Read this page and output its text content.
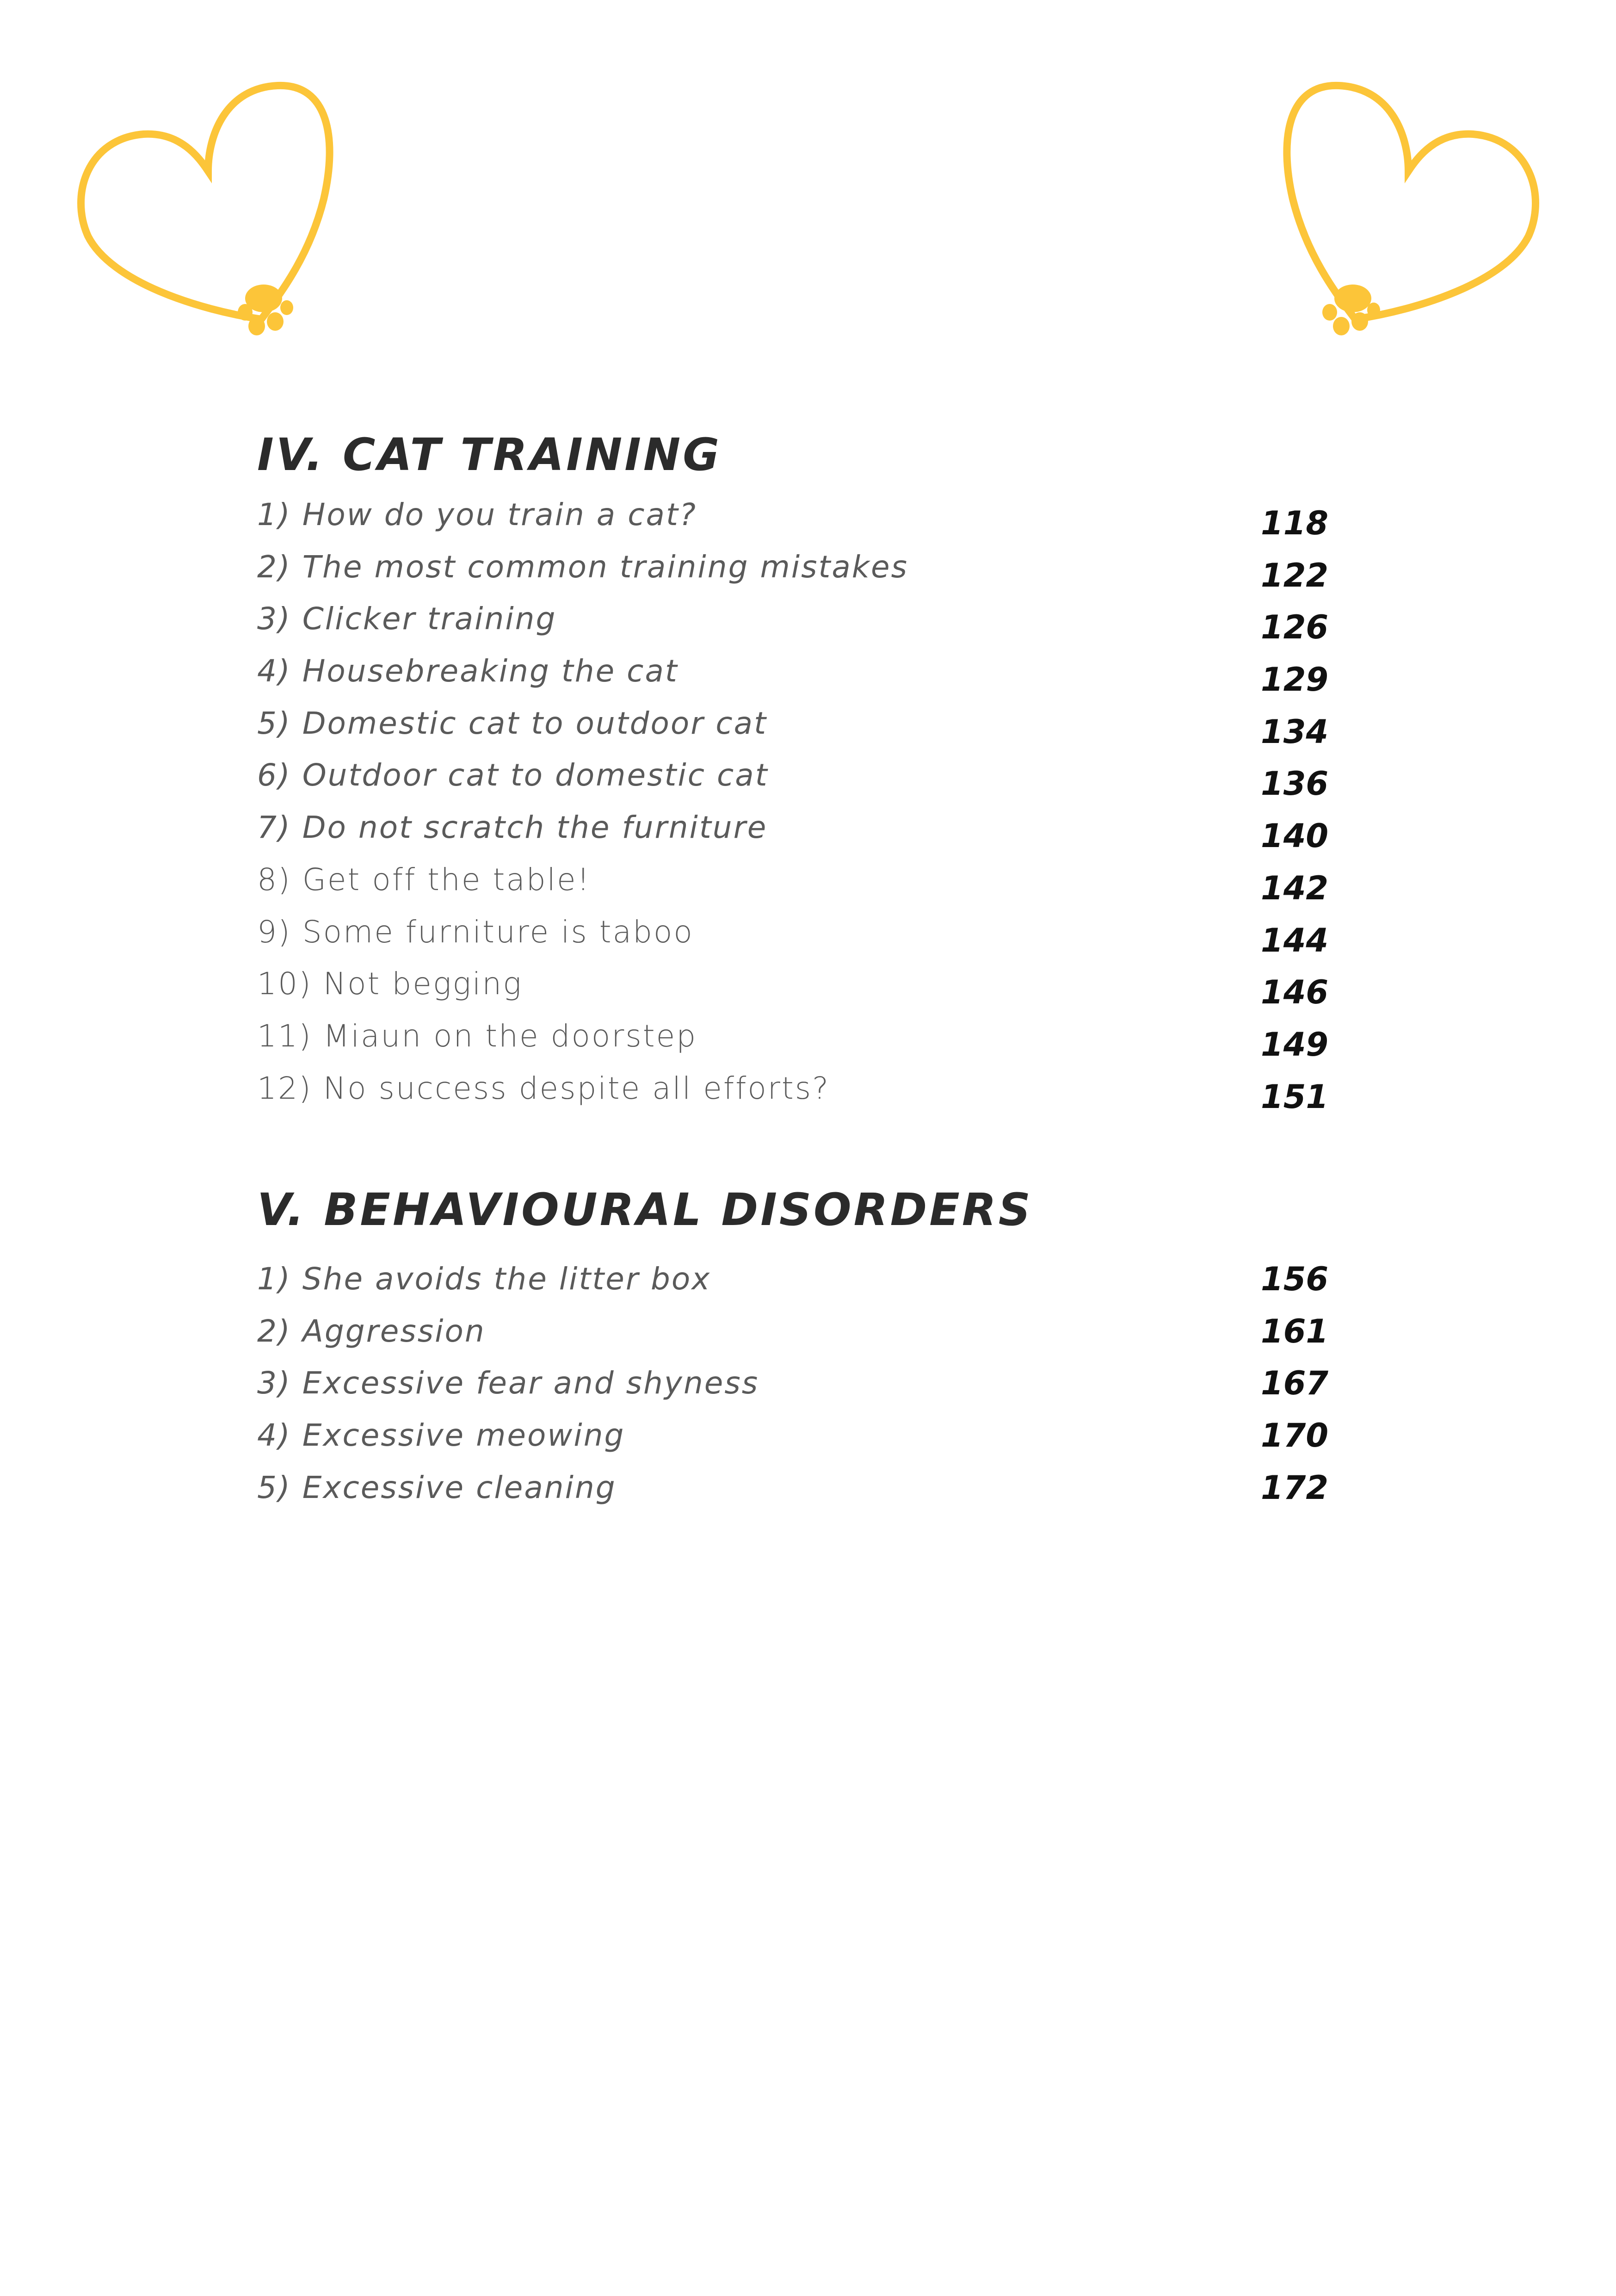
IV. CAT TRAINING
1) How do you train a cat?	118
2) The most common training mistakes	122
3) Clicker training	126
4) Housebreaking the cat	129
5) Domestic cat to outdoor cat	134
6) Outdoor cat to domestic cat	136
7) Do not scratch the furniture	140
8) Get off the table!	142
9) Some furniture is taboo	144
10) Not begging	146
11) Miaun on the doorstep	149
12) No success despite all efforts?	151
V. BEHAVIOURAL DISORDERS
1) She avoids the litter box	156
2) Aggression	161
3) Excessive fear and shyness	167
4) Excessive meowing	170
5) Excessive cleaning	172
